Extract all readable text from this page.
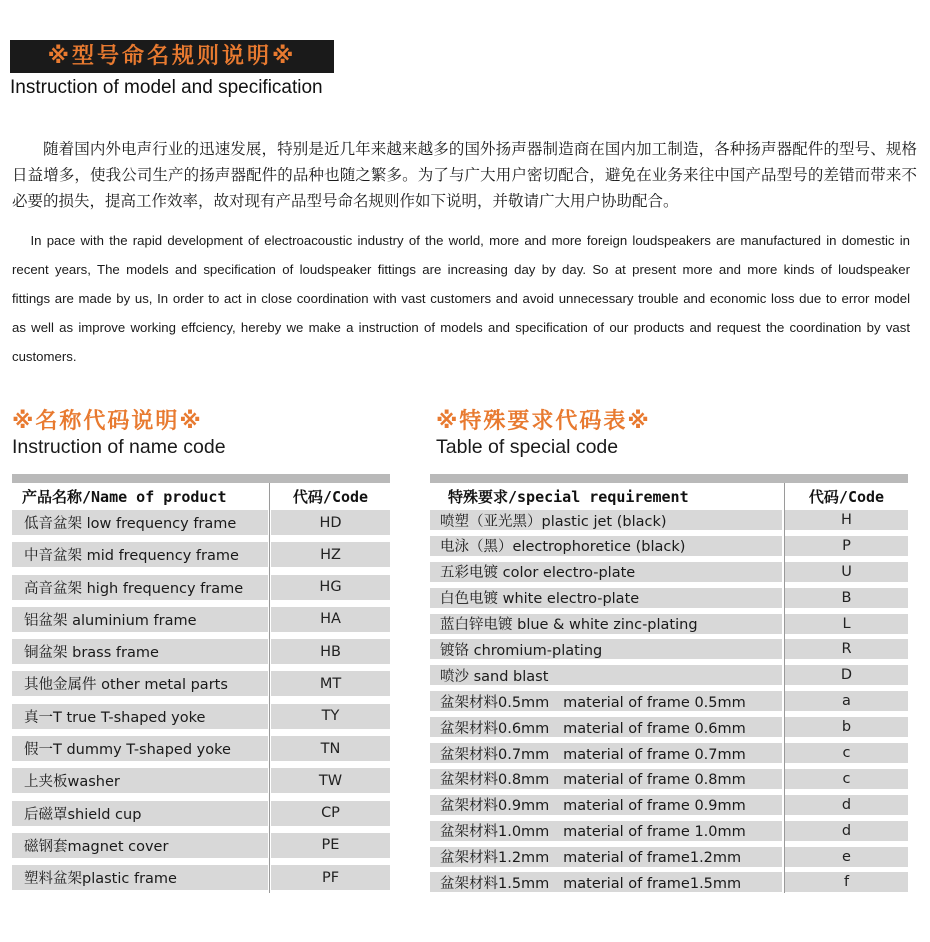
※型号命名规则说明※
Instruction of model and specification
随着国内外电声行业的迅速发展，特别是近几年来越来越多的国外扬声器制造商在国内加工制造，各种扬声器配件的型号、规格日益增多，使我公司生产的扬声器配件的品种也随之繁多。为了与广大用户密切配合，避免在业务来往中国产品型号的差错而带来不必要的损失，提高工作效率，故对现有产品型号命名规则作如下说明，并敬请广大用户协助配合。
In pace with the rapid development of electroacoustic industry of the world, more and more foreign loudspeakers are manufactured in domestic in recent years, The models and specification of loudspeaker fittings are increasing day by day. So at present more and more kinds of loudspeaker fittings are made by us, In order to act in close coordination with vast customers and avoid unnecessary trouble and economic loss due to error model as well as improve working effciency, hereby we make a instruction of models and specification of our products and request the coordination by vast customers.
※名称代码说明※
Instruction of name code
产品名称/Name of product	代码/Code
低音盆架 low frequency frame	HD
中音盆架 mid frequency frame	HZ
高音盆架 high frequency frame	HG
铝盆架 aluminium frame	HA
铜盆架 brass frame	HB
其他金属件 other metal parts	MT
真一T true T-shaped yoke	TY
假一T dummy T-shaped yoke	TN
上夹板washer	TW
后磁罩shield cup	CP
磁钢套magnet cover	PE
塑料盆架plastic frame	PF
※特殊要求代码表※
Table of special code
特殊要求/special requirement	代码/Code
喷塑（亚光黑）plastic jet (black)	H
电泳（黑）electrophoretice (black)	P
五彩电镀 color electro-plate	U
白色电镀 white electro-plate	B
蓝白锌电镀 blue & white zinc-plating	L
镀铬 chromium-plating	R
喷沙 sand blast	D
盆架材料0.5mm   material of frame 0.5mm	a
盆架材料0.6mm   material of frame 0.6mm	b
盆架材料0.7mm   material of frame 0.7mm	c
盆架材料0.8mm   material of frame 0.8mm	c
盆架材料0.9mm   material of frame 0.9mm	d
盆架材料1.0mm   material of frame 1.0mm	d
盆架材料1.2mm   material of frame1.2mm	e
盆架材料1.5mm   material of frame1.5mm	f
